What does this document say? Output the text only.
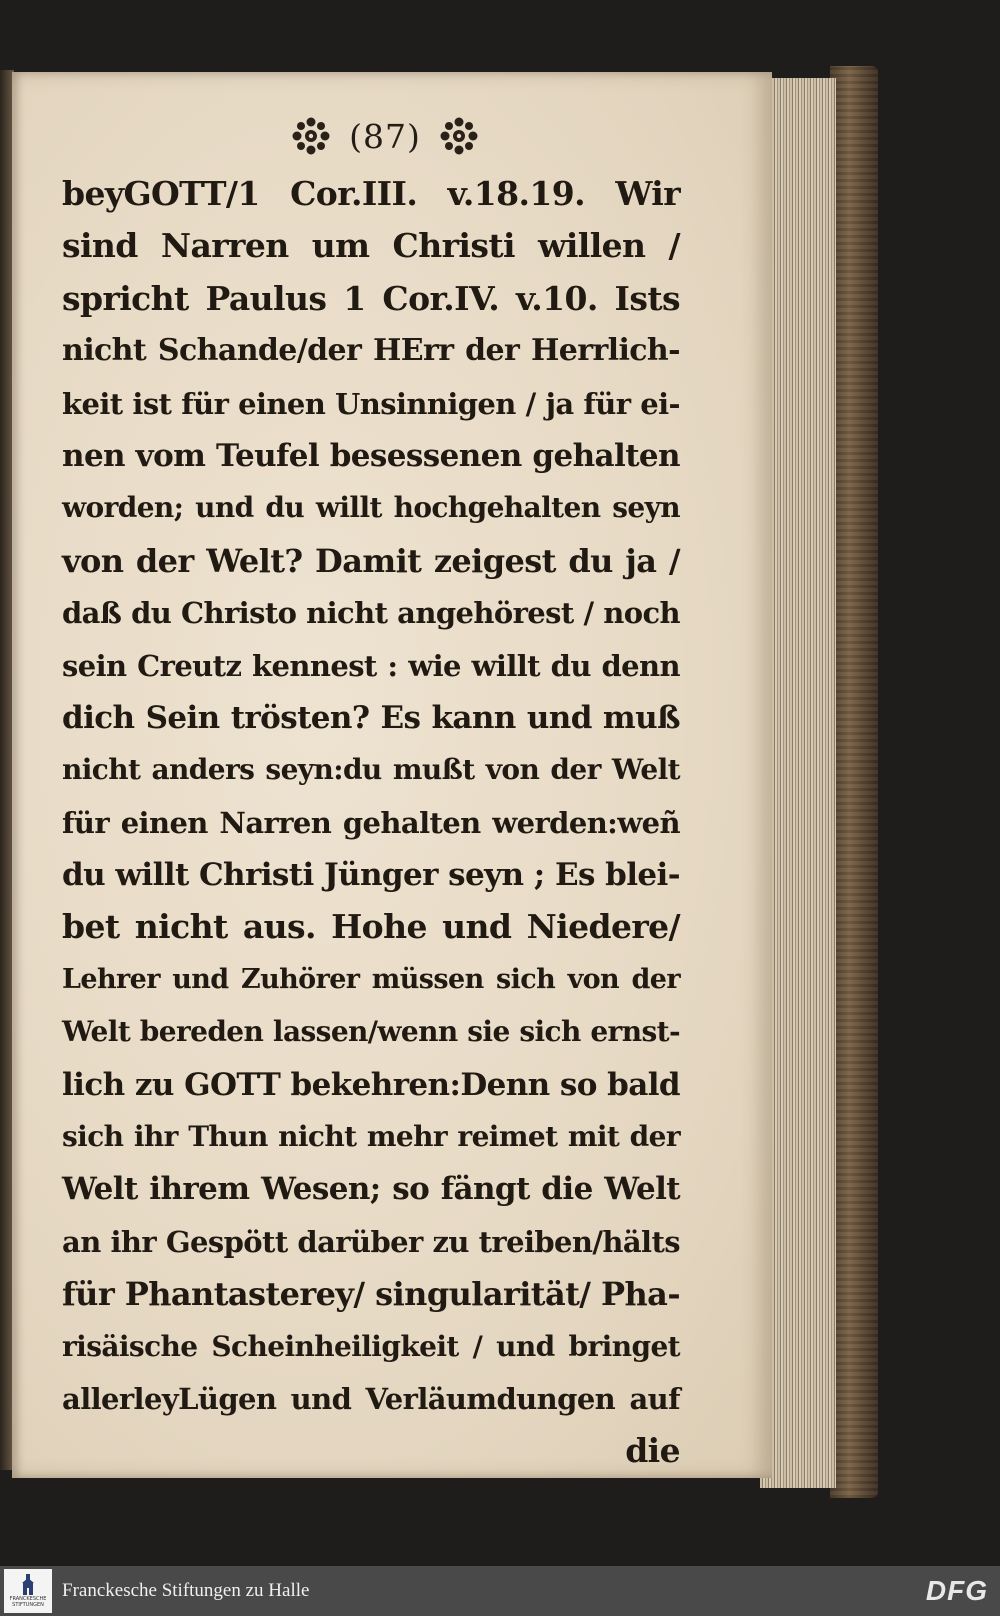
(87)
beyGOTT/1 Cor.III. v.18.19. Wir
sind Narren um Christi willen /
spricht Paulus 1 Cor.IV. v.10. Ists
nicht Schande/der HErr der Herrlich-
keit ist für einen Unsinnigen / ja für ei-
nen vom Teufel besessenen gehalten
worden; und du willt hochgehalten seyn
von der Welt? Damit zeigest du ja /
daß du Christo nicht angehörest / noch
sein Creutz kennest : wie willt du denn
dich Sein trösten? Es kann und muß
nicht anders seyn:du mußt von der Welt
für einen Narren gehalten werden:weñ
du willt Christi Jünger seyn ; Es blei-
bet nicht aus. Hohe und Niedere/
Lehrer und Zuhörer müssen sich von der
Welt bereden lassen/wenn sie sich ernst-
lich zu GOTT bekehren:Denn so bald
sich ihr Thun nicht mehr reimet mit der
Welt ihrem Wesen; so fängt die Welt
an ihr Gespött darüber zu treiben/hälts
für Phantasterey/ singularität/ Pha-
risäische Scheinheiligkeit / und bringet
allerleyLügen und Verläumdungen auf
die
FRANCKESCHE STIFTUNGEN
Franckesche Stiftungen zu Halle	DFG
